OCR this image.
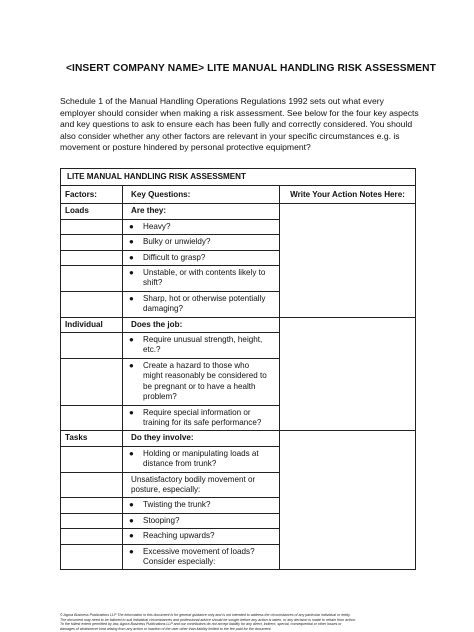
<INSERT COMPANY NAME> LITE MANUAL HANDLING RISK ASSESSMENT
Schedule 1 of the Manual Handling Operations Regulations 1992 sets out what every employer should consider when making a risk assessment. See below for the four key aspects and key questions to ask to ensure each has been fully and correctly considered. You should also consider whether any other factors are relevant in your specific circumstances e.g. is movement or posture hindered by personal protective equipment?
LITE MANUAL HANDLING RISK ASSESSMENT		
Factors:	Key Questions:	Write Your Action Notes Here:
Loads	Are they:	
	● Heavy?	
	● Bulky or unwieldy?	
	● Difficult to grasp?	
	● Unstable, or with contents likely to shift?	
	● Sharp, hot or otherwise potentially damaging?	
Individual	Does the job:	
	● Require unusual strength, height, etc.?	
	● Create a hazard to those who might reasonably be considered to be pregnant or to have a health problem?	
	● Require special information or training for its safe performance?	
Tasks	Do they involve:	
	● Holding or manipulating loads at distance from trunk?	
	Unsatisfactory bodily movement or posture, especially:	
	● Twisting the trunk?	
	● Stooping?	
	● Reaching upwards?	
	● Excessive movement of loads? Consider especially:	
© Agora Business Publications LLP The information in this document is for general guidance only and is not intended to address the circumstances of any particular individual or entity.
The document may need to be tailored to suit individual circumstances and professional advice should be sought before any action is taken, or any decision is made to refrain from action.
To the fullest extent permitted by law, Agora Business Publications LLP and our contributors do not accept liability for any direct, indirect, special, consequential or other losses or
damages of whatsoever kind arising from any action or inaction of the user other than liability limited to the fee paid for the document.
